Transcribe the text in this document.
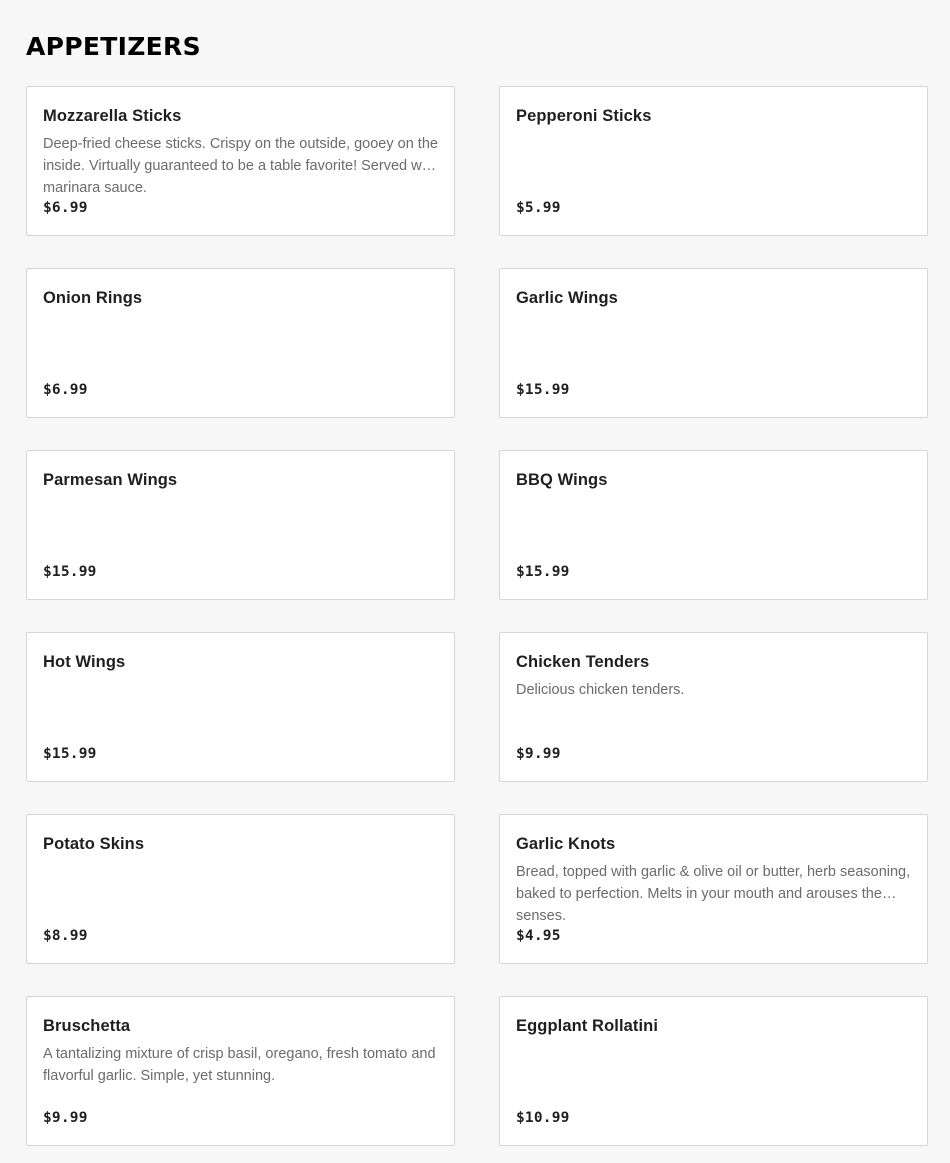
APPETIZERS
Mozzarella Sticks
Deep-fried cheese sticks. Crispy on the outside, gooey on the inside. Virtually guaranteed to be a table favorite! Served with marinara sauce.
$6.99
Pepperoni Sticks
$5.99
Onion Rings
$6.99
Garlic Wings
$15.99
Parmesan Wings
$15.99
BBQ Wings
$15.99
Hot Wings
$15.99
Chicken Tenders
Delicious chicken tenders.
$9.99
Potato Skins
$8.99
Garlic Knots
Bread, topped with garlic & olive oil or butter, herb seasoning, baked to perfection. Melts in your mouth and arouses the senses.
$4.95
Bruschetta
A tantalizing mixture of crisp basil, oregano, fresh tomato and flavorful garlic. Simple, yet stunning.
$9.99
Eggplant Rollatini
$10.99
